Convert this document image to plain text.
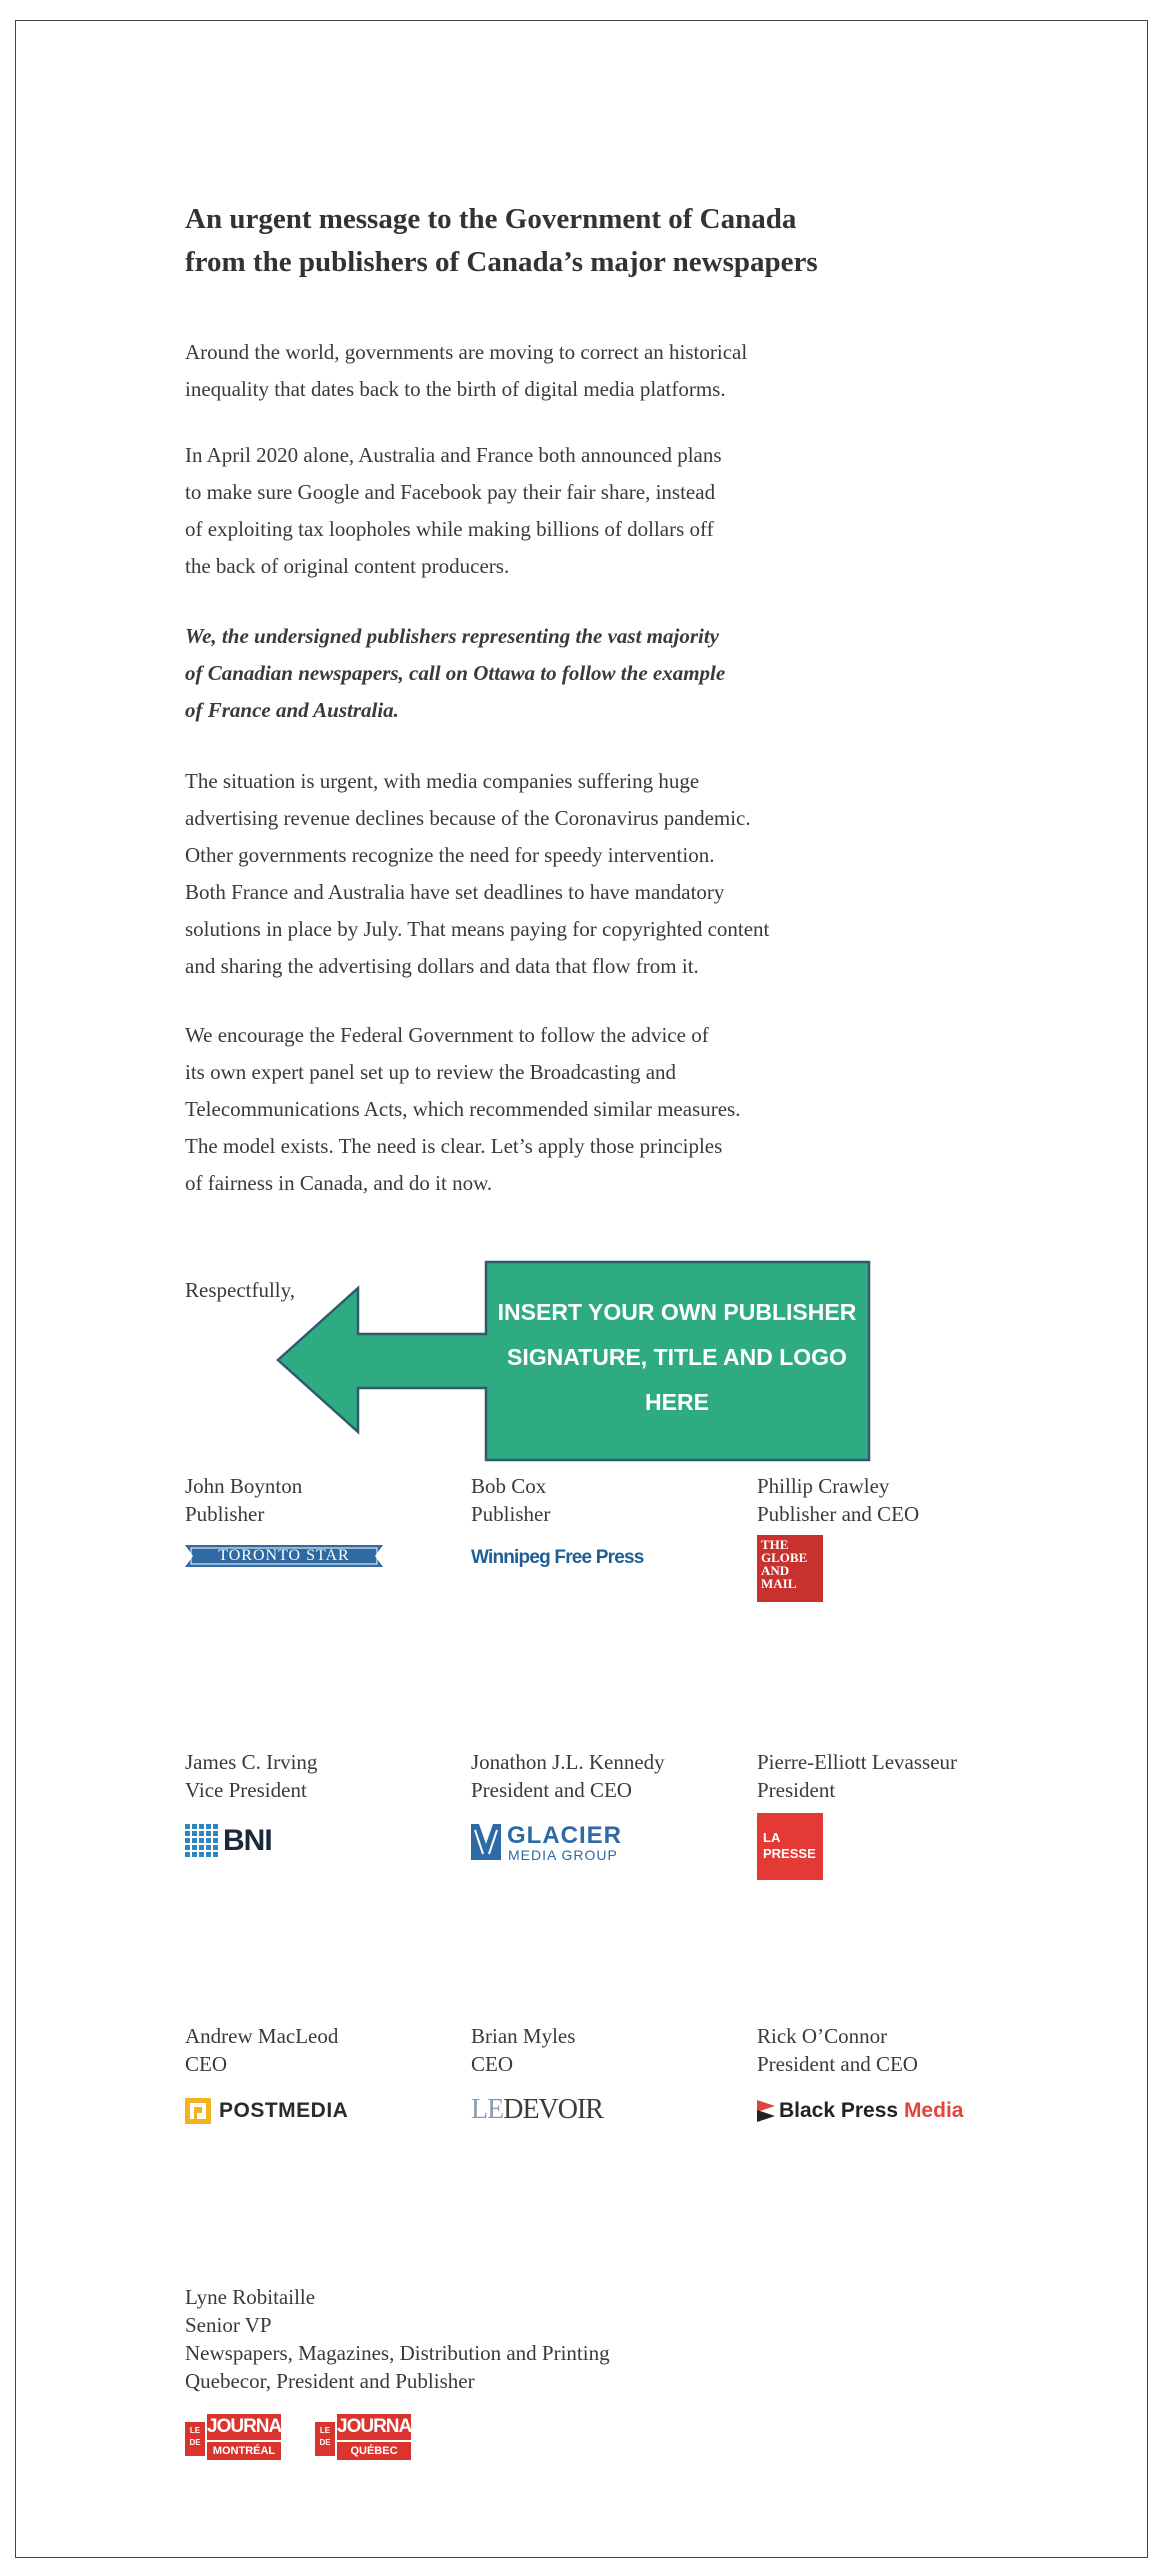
An urgent message to the Government of Canada
from the publishers of Canada’s major newspapers

Around the world, governments are moving to correct an historical
inequality that dates back to the birth of digital media platforms.

In April 2020 alone, Australia and France both announced plans
to make sure Google and Facebook pay their fair share, instead
of exploiting tax loopholes while making billions of dollars off
the back of original content producers.

We, the undersigned publishers representing the vast majority
of Canadian newspapers, call on Ottawa to follow the example
of France and Australia.

The situation is urgent, with media companies suffering huge
advertising revenue declines because of the Coronavirus pandemic.
Other governments recognize the need for speedy intervention.
Both France and Australia have set deadlines to have mandatory
solutions in place by July. That means paying for copyrighted content
and sharing the advertising dollars and data that flow from it.

We encourage the Federal Government to follow the advice of
its own expert panel set up to review the Broadcasting and
Telecommunications Acts, which recommended similar measures.
The model exists. The need is clear. Let’s apply those principles
of fairness in Canada, and do it now.

Respectfully,
INSERT YOUR OWN PUBLISHER
SIGNATURE, TITLE AND LOGO
HERE
John Boynton
Publisher
TORONTO STAR
Bob Cox
Publisher
Winnipeg Free Press
Phillip Crawley
Publisher and CEO
THE
GLOBE
AND
MAIL
James C. Irving
Vice President
BNI
Jonathon J.L. Kennedy
President and CEO
GLACIER
MEDIA GROUP
Pierre-Elliott Levasseur
President
LA
PRESSE
Andrew MacLeod
CEO
POSTMEDIA
Brian Myles
CEO
LEDEVOIR
Rick O’Connor
President and CEO
Black Press Media
Lyne Robitaille
Senior VP
Newspapers, Magazines, Distribution and Printing
Quebecor, President and Publisher
LE
DE
JOURNAL
MONTRÉAL
LE
DE
JOURNAL
QUÉBEC
